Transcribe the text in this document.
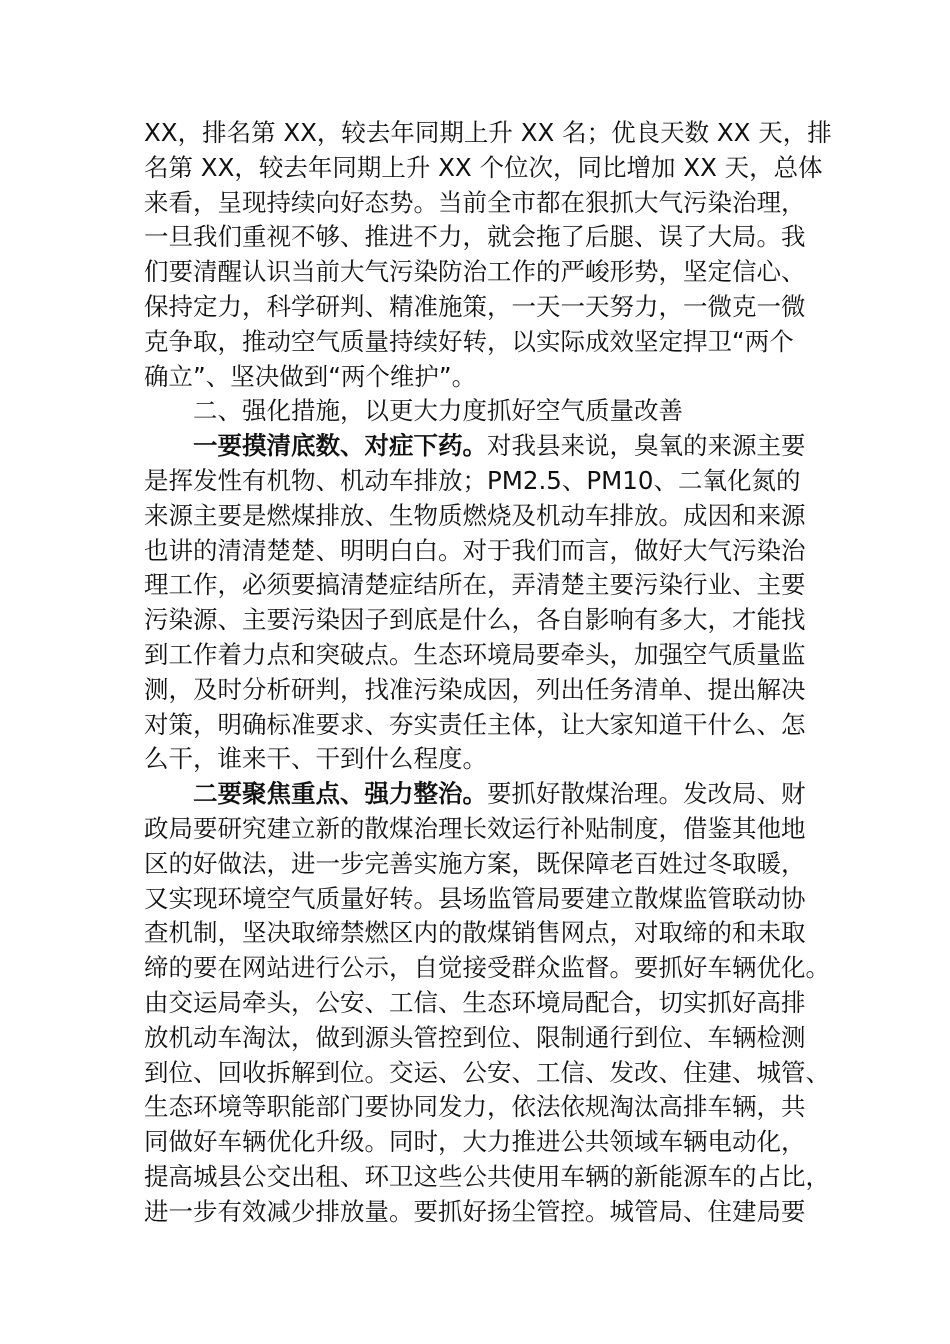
XX，排名第 XX，较去年同期上升 XX 名；优良天数 XX 天，排
名第 XX，较去年同期上升 XX 个位次，同比增加 XX 天，总体
来看，呈现持续向好态势。当前全市都在狠抓大气污染治理，
一旦我们重视不够、推进不力，就会拖了后腿、误了大局。我
们要清醒认识当前大气污染防治工作的严峻形势，坚定信心、
保持定力，科学研判、精准施策，一天一天努力，一微克一微
克争取，推动空气质量持续好转，以实际成效坚定捍卫“两个
确立”、坚决做到“两个维护”。
二、强化措施，以更大力度抓好空气质量改善
一要摸清底数、对症下药。对我县来说，臭氧的来源主要
是挥发性有机物、机动车排放；PM2.5、PM10、二氧化氮的
来源主要是燃煤排放、生物质燃烧及机动车排放。成因和来源
也讲的清清楚楚、明明白白。对于我们而言，做好大气污染治
理工作，必须要搞清楚症结所在，弄清楚主要污染行业、主要
污染源、主要污染因子到底是什么，各自影响有多大，才能找
到工作着力点和突破点。生态环境局要牵头，加强空气质量监
测，及时分析研判，找准污染成因，列出任务清单、提出解决
对策，明确标准要求、夯实责任主体，让大家知道干什么、怎
么干，谁来干、干到什么程度。
二要聚焦重点、强力整治。要抓好散煤治理。发改局、财
政局要研究建立新的散煤治理长效运行补贴制度，借鉴其他地
区的好做法，进一步完善实施方案，既保障老百姓过冬取暖，
又实现环境空气质量好转。县场监管局要建立散煤监管联动协
查机制，坚决取缔禁燃区内的散煤销售网点，对取缔的和未取
缔的要在网站进行公示，自觉接受群众监督。要抓好车辆优化。
由交运局牵头，公安、工信、生态环境局配合，切实抓好高排
放机动车淘汰，做到源头管控到位、限制通行到位、车辆检测
到位、回收拆解到位。交运、公安、工信、发改、住建、城管、
生态环境等职能部门要协同发力，依法依规淘汰高排车辆，共
同做好车辆优化升级。同时，大力推进公共领域车辆电动化，
提高城县公交出租、环卫这些公共使用车辆的新能源车的占比，
进一步有效减少排放量。要抓好扬尘管控。城管局、住建局要
